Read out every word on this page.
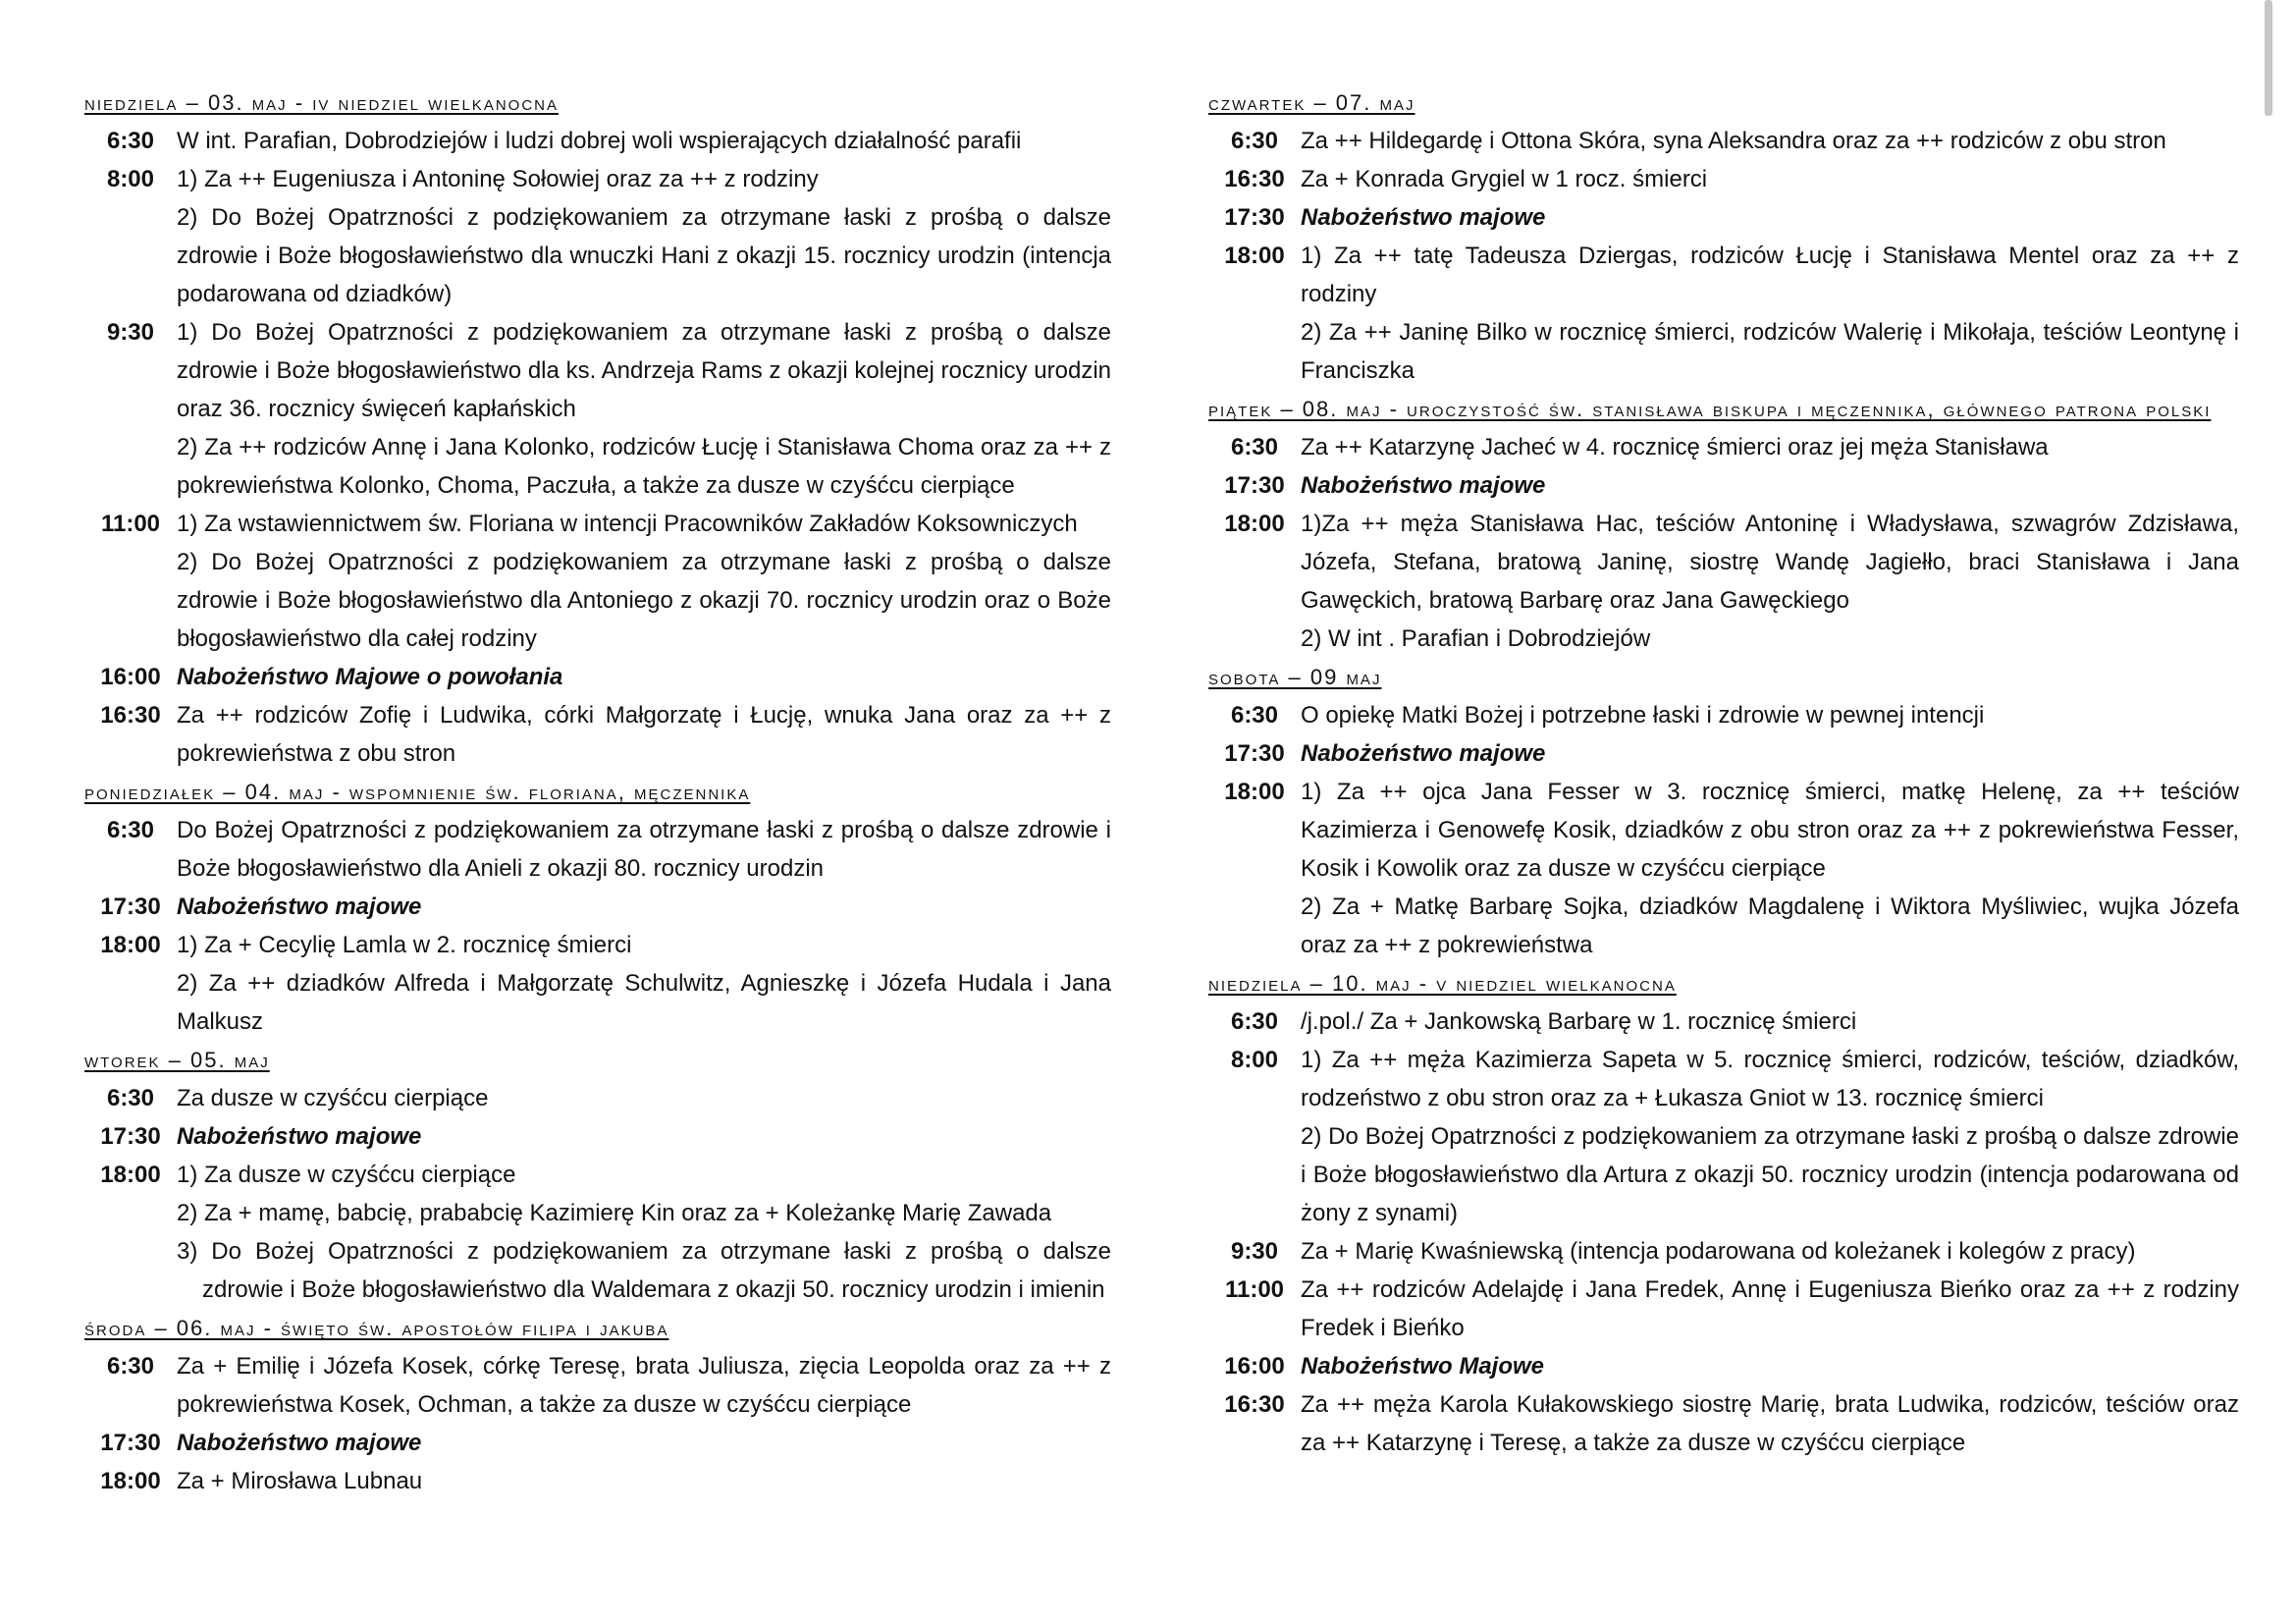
niedziela – 03. maj - iv niedziel wielkanocna
6:30 W int. Parafian, Dobrodziejów i ludzi dobrej woli wspierających działalność parafii
8:00 1) Za ++ Eugeniusza i Antoninę Sołowiej oraz za ++ z rodziny
2) Do Bożej Opatrzności z podziękowaniem za otrzymane łaski z prośbą o dalsze zdrowie i Boże błogosławieństwo dla wnuczki Hani z okazji 15. rocznicy urodzin (intencja podarowana od dziadków)
9:30 1) Do Bożej Opatrzności z podziękowaniem za otrzymane łaski z prośbą o dalsze zdrowie i Boże błogosławieństwo dla ks. Andrzeja Rams z okazji kolejnej rocznicy urodzin oraz 36. rocznicy święceń kapłańskich
2) Za ++ rodziców Annę i Jana Kolonko, rodziców Łucję i Stanisława Choma oraz za ++ z pokrewieństwa Kolonko, Choma, Paczuła, a także za dusze w czyśćcu cierpiące
11:00 1) Za wstawiennictwem św. Floriana w intencji Pracowników Zakładów Koksowniczych
2) Do Bożej Opatrzności z podziękowaniem za otrzymane łaski z prośbą o dalsze zdrowie i Boże błogosławieństwo dla Antoniego z okazji 70. rocznicy urodzin oraz o Boże błogosławieństwo dla całej rodziny
16:00 Nabożeństwo Majowe o powołania
16:30 Za ++ rodziców Zofię i Ludwika, córki Małgorzatę i Łucję, wnuka Jana oraz za ++ z pokrewieństwa z obu stron
poniedziałek – 04. maj - wspomnienie św. floriana, męczennika
6:30 Do Bożej Opatrzności z podziękowaniem za otrzymane łaski z prośbą o dalsze zdrowie i Boże błogosławieństwo dla Anieli z okazji 80. rocznicy urodzin
17:30 Nabożeństwo majowe
18:00 1) Za + Cecylię Lamla w 2. rocznicę śmierci
2) Za ++ dziadków Alfreda i Małgorzatę Schulwitz, Agnieszkę i Józefa Hudala i Jana Malkusz
wtorek – 05. maj
6:30 Za dusze w czyśćcu cierpiące
17:30 Nabożeństwo majowe
18:00 1) Za dusze w czyśćcu cierpiące
2) Za + mamę, babcię, prababcię Kazimierę Kin oraz za + Koleżankę Marię Zawada
3) Do Bożej Opatrzności z podziękowaniem za otrzymane łaski z prośbą o dalsze zdrowie i Boże błogosławieństwo dla Waldemara z okazji 50. rocznicy urodzin i imienin
środa – 06. maj - święto św. apostołów filipa i jakuba
6:30 Za + Emilię i Józefa Kosek, córkę Teresę, brata Juliusza, zięcia Leopolda oraz za ++ z pokrewieństwa Kosek, Ochman, a także za dusze w czyśćcu cierpiące
17:30 Nabożeństwo majowe
18:00 Za + Mirosława Lubnau
czwartek – 07. maj
6:30 Za ++ Hildegardę i Ottona Skóra, syna Aleksandra oraz za ++ rodziców z obu stron
16:30 Za + Konrada Grygiel w 1 rocz. śmierci
17:30 Nabożeństwo majowe
18:00 1) Za ++ tatę Tadeusza Dziergas, rodziców Łucję i Stanisława Mentel oraz za ++ z rodziny
2) Za ++ Janinę Bilko w rocznicę śmierci, rodziców Walerię i Mikołaja, teściów Leontynę i Franciszka
piątek – 08. maj - uroczystość św. stanisława biskupa i męczennika, głównego patrona polski
6:30 Za ++ Katarzynę Jacheć w 4. rocznicę śmierci oraz jej męża Stanisława
17:30 Nabożeństwo majowe
18:00 1)Za ++ męża Stanisława Hac, teściów Antoninę i Władysława, szwagrów Zdzisława, Józefa, Stefana, bratową Janinę, siostrę Wandę Jagiełło, braci Stanisława i Jana Gawęckich, bratową Barbarę oraz Jana Gawęckiego
2) W int . Parafian i Dobrodziejów
sobota – 09 maj
6:30 O opiekę Matki Bożej i potrzebne łaski i zdrowie w pewnej intencji
17:30 Nabożeństwo majowe
18:00 1) Za ++ ojca Jana Fesser w 3. rocznicę śmierci, matkę Helenę, za ++ teściów Kazimierza i Genowefę Kosik, dziadków z obu stron oraz za ++ z pokrewieństwa Fesser, Kosik i Kowolik oraz za dusze w czyśćcu cierpiące
2) Za + Matkę Barbarę Sojka, dziadków Magdalenę i Wiktora Myśliwiec, wujka Józefa oraz za ++ z pokrewieństwa
niedziela – 10. maj - v niedziel wielkanocna
6:30 /j.pol./ Za + Jankowską Barbarę w 1. rocznicę śmierci
8:00 1) Za ++ męża Kazimierza Sapeta w 5. rocznicę śmierci, rodziców, teściów, dziadków, rodzeństwo z obu stron oraz za + Łukasza Gniot w 13. rocznicę śmierci
2) Do Bożej Opatrzności z podziękowaniem za otrzymane łaski z prośbą o dalsze zdrowie i Boże błogosławieństwo dla Artura z okazji 50. rocznicy urodzin (intencja podarowana od żony z synami)
9:30 Za + Marię Kwaśniewską (intencja podarowana od koleżanek i kolegów z pracy)
11:00 Za ++ rodziców Adelajdę i Jana Fredek, Annę i Eugeniusza Bieńko oraz za ++ z rodziny Fredek i Bieńko
16:00 Nabożeństwo Majowe
16:30 Za ++ męża Karola Kułakowskiego siostrę Marię, brata Ludwika, rodziców, teściów oraz za ++ Katarzynę i Teresę, a także za dusze w czyśćcu cierpiące
